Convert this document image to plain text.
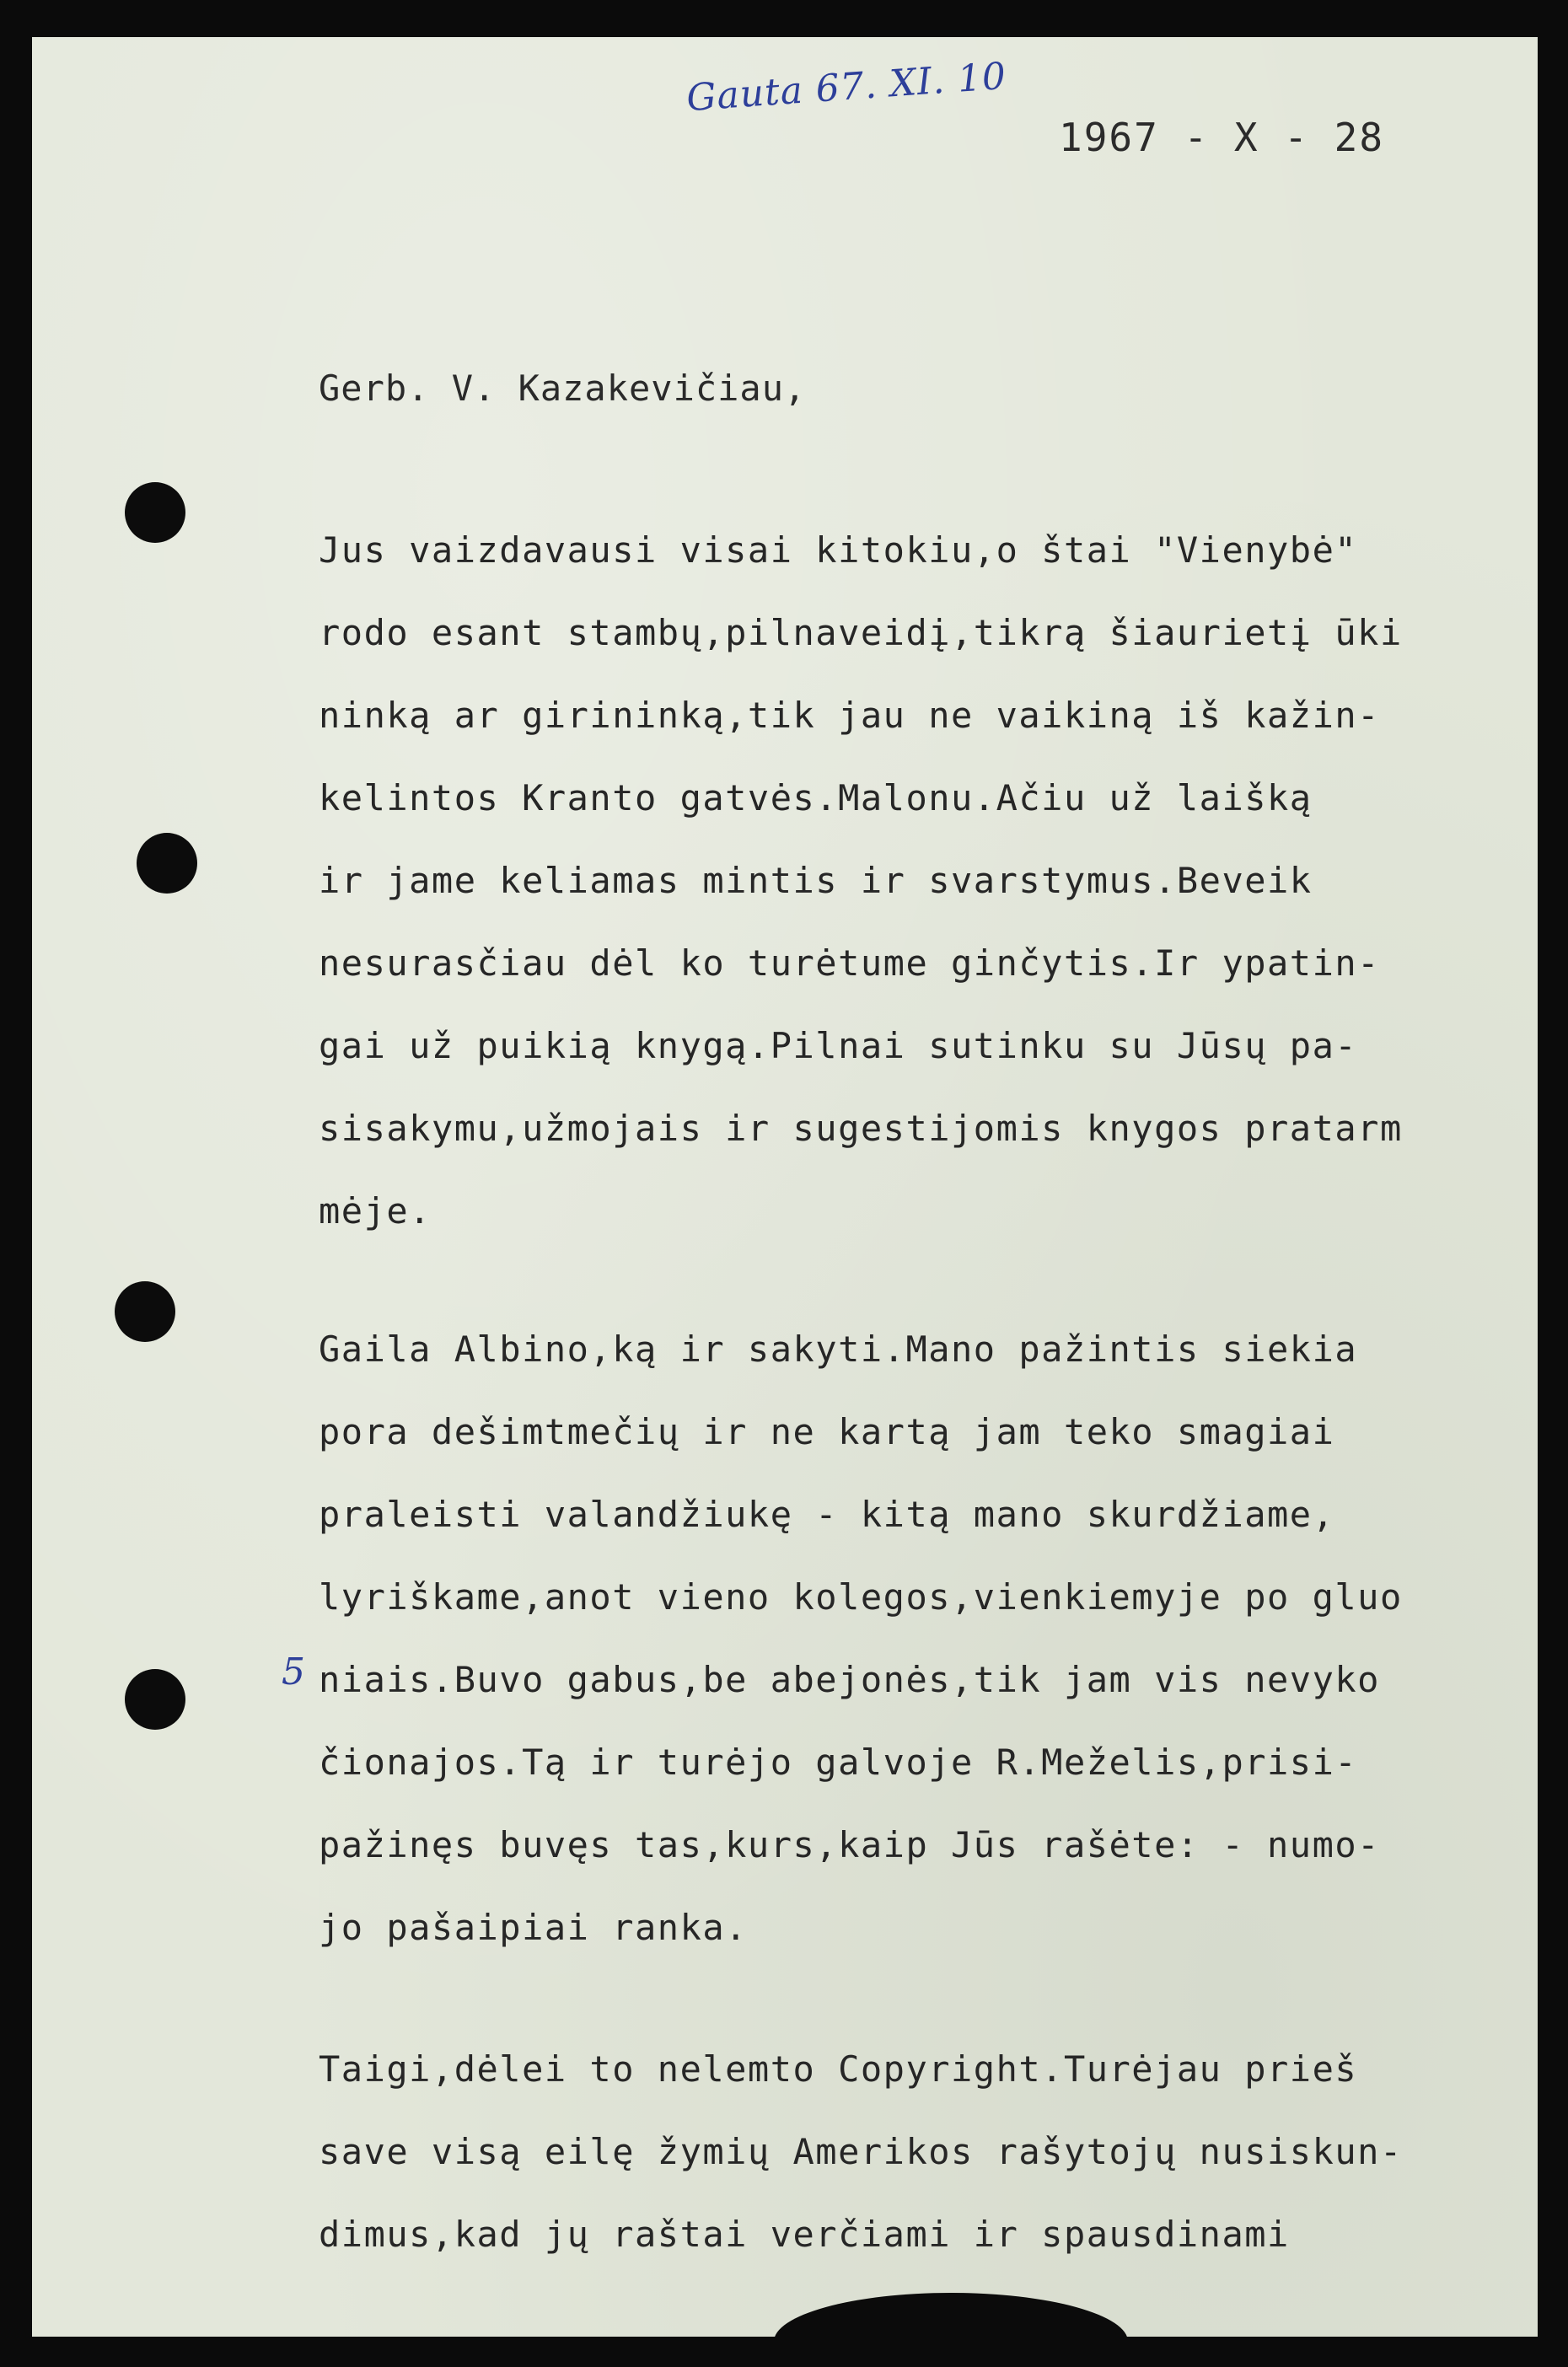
Gauta 67. XI. 10
1967 - X - 28
Gerb. V. Kazakevičiau,
5
Jus vaizdavausi visai kitokiu,o štai "Vienybė"
rodo esant stambų,pilnaveidį,tikrą šiaurietį ūki
ninką ar girininką,tik jau ne vaikiną iš kažin-
kelintos Kranto gatvės.Malonu.Ačiu už laišką
ir jame keliamas mintis ir svarstymus.Beveik
nesurasčiau dėl ko turėtume ginčytis.Ir ypatin-
gai už puikią knygą.Pilnai sutinku su Jūsų pa-
sisakymu,užmojais ir sugestijomis knygos pratarm
mėje.
Gaila Albino,ką ir sakyti.Mano pažintis siekia
pora dešimtmečių ir ne kartą jam teko smagiai
praleisti valandžiukę - kitą mano skurdžiame,
lyriškame,anot vieno kolegos,vienkiemyje po gluo
niais.Buvo gabus,be abejonės,tik jam vis nevyko
čionajos.Tą ir turėjo galvoje R.Meželis,prisi-
pažinęs buvęs tas,kurs,kaip Jūs rašėte: - numo-
jo pašaipiai ranka.
Taigi,dėlei to nelemto Copyright.Turėjau prieš
save visą eilę žymių Amerikos rašytojų nusiskun-
dimus,kad jų raštai verčiami ir spausdinami
